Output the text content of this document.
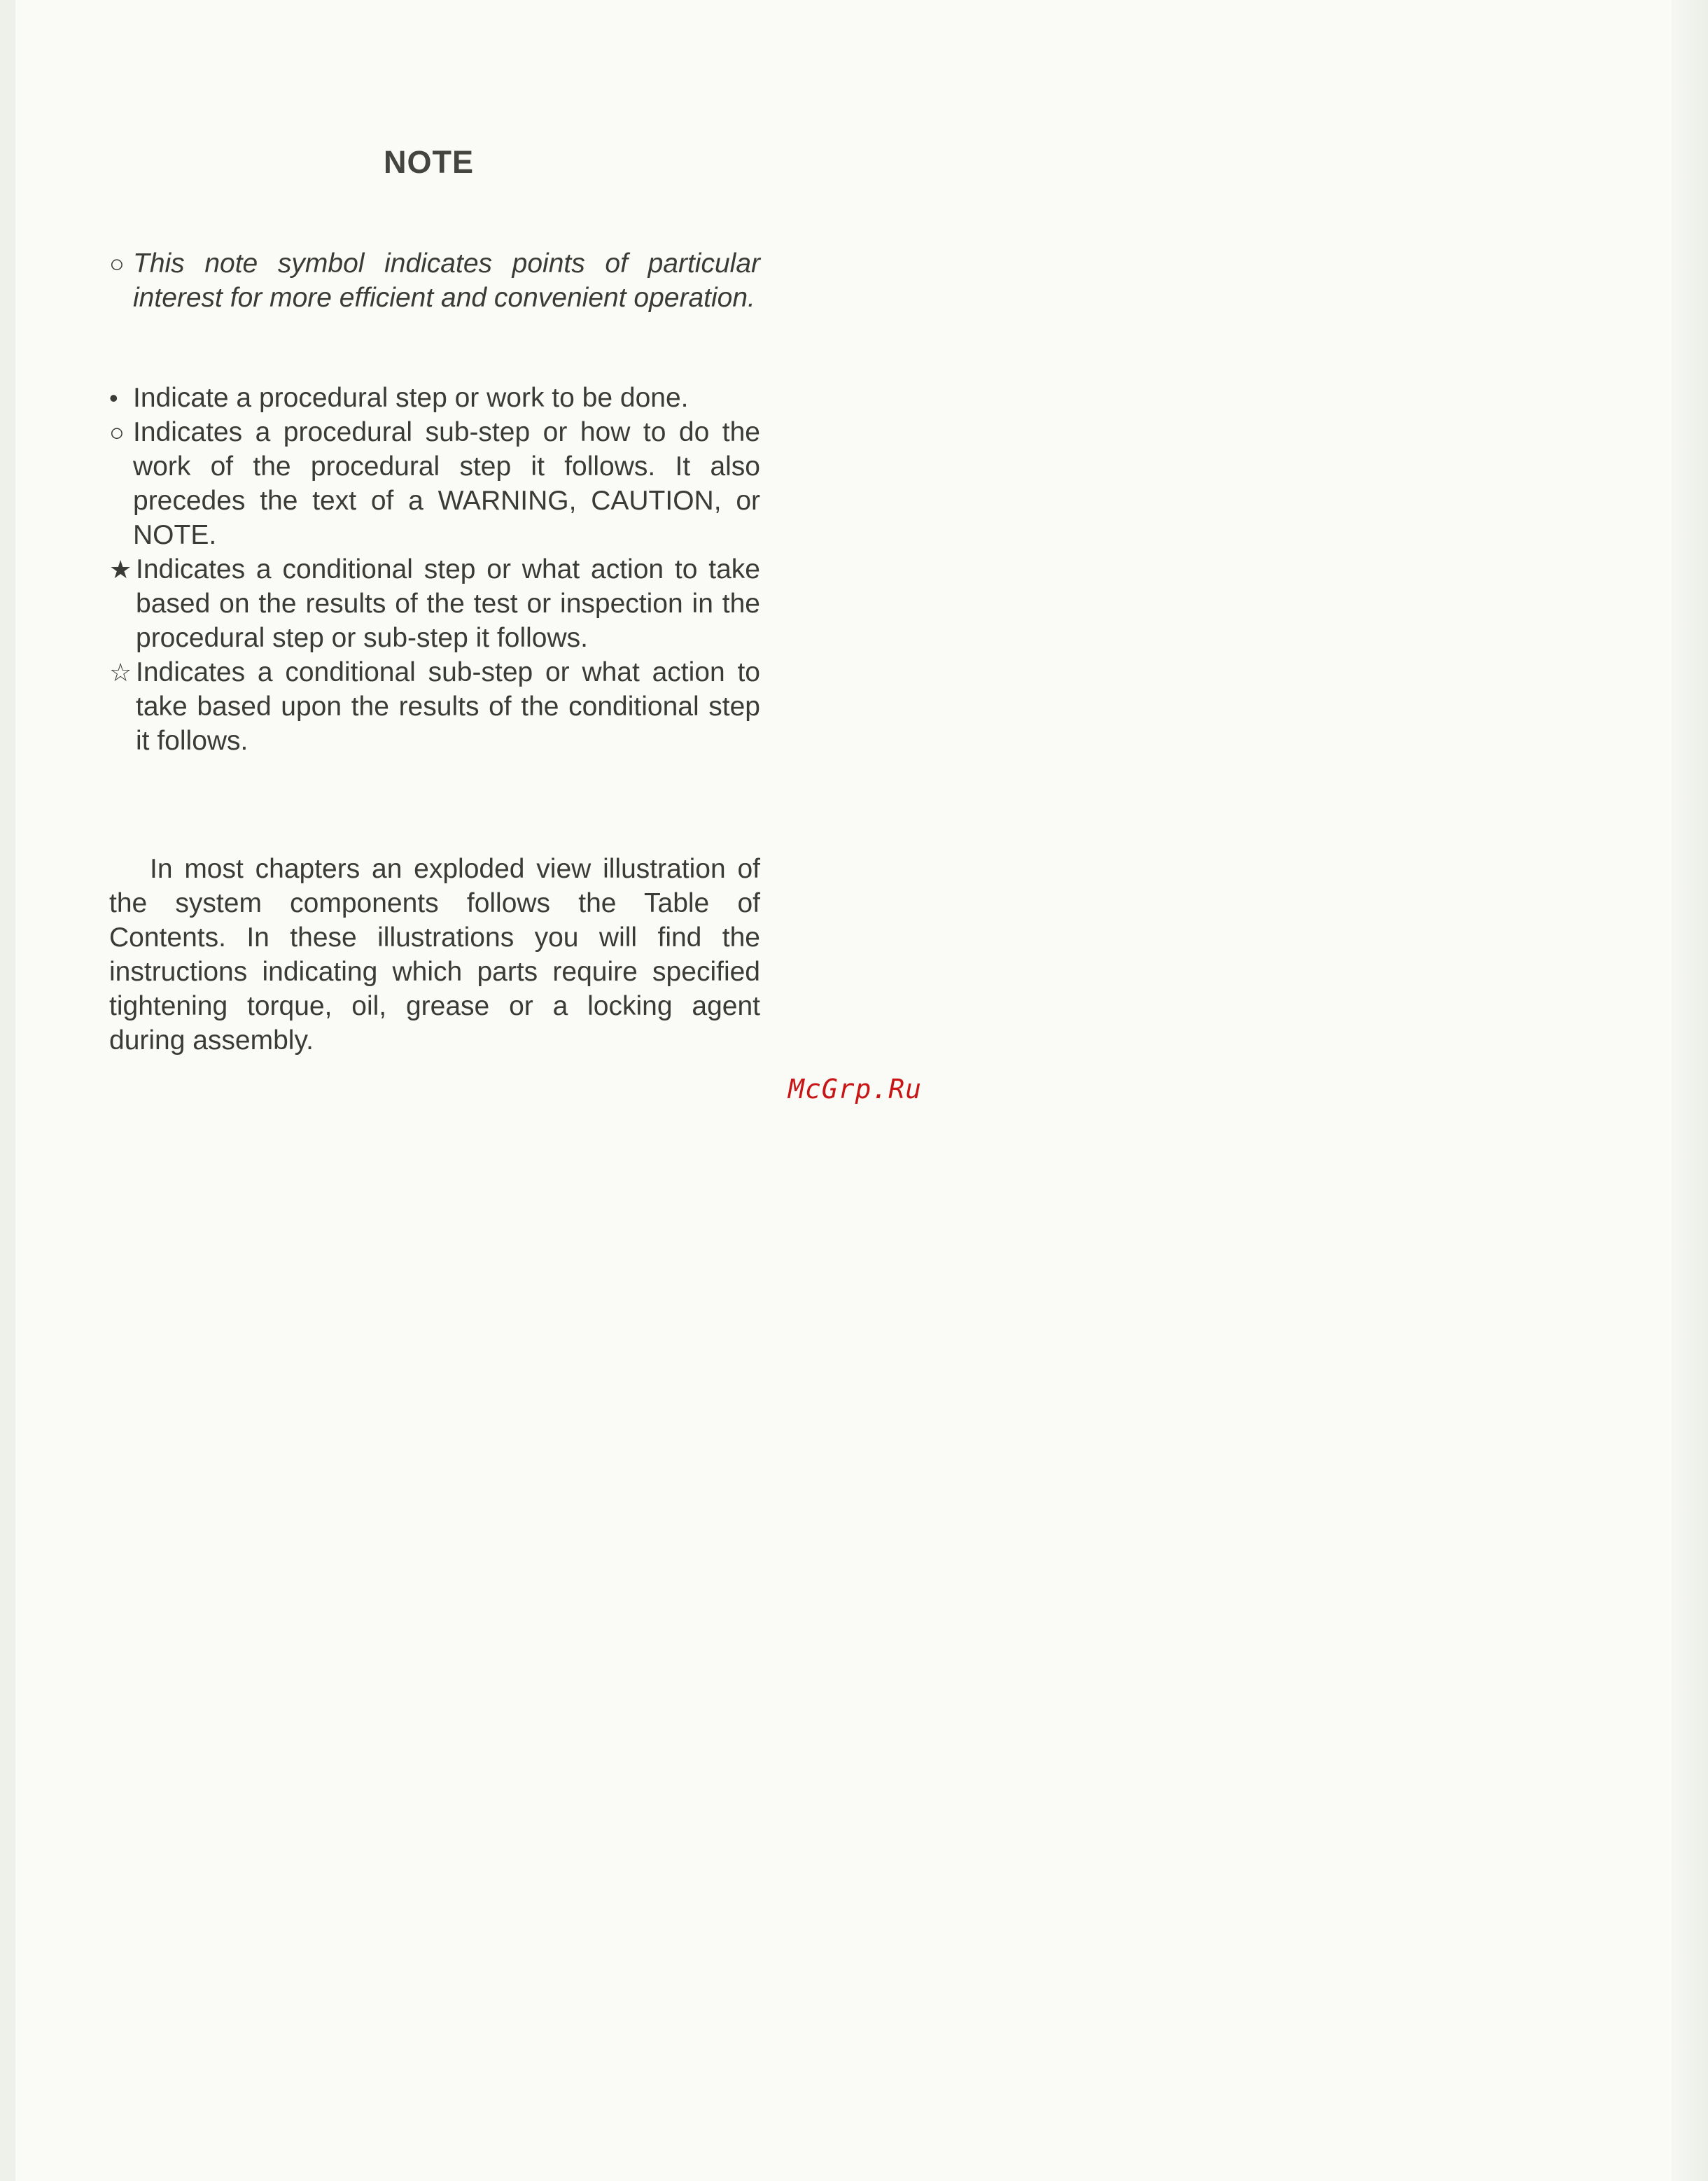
NOTE
○ This note symbol indicates points of particular interest for more efficient and convenient operation.
• Indicate a procedural step or work to be done.
○ Indicates a procedural sub-step or how to do the work of the procedural step it follows. It also precedes the text of a WARNING, CAUTION, or NOTE.
★ Indicates a conditional step or what action to take based on the results of the test or inspection in the procedural step or sub-step it follows.
☆ Indicates a conditional sub-step or what action to take based upon the results of the conditional step it follows.
In most chapters an exploded view illustration of the system components follows the Table of Contents. In these illustrations you will find the instructions indicating which parts require specified tightening torque, oil, grease or a locking agent during assembly.
McGrp.Ru
